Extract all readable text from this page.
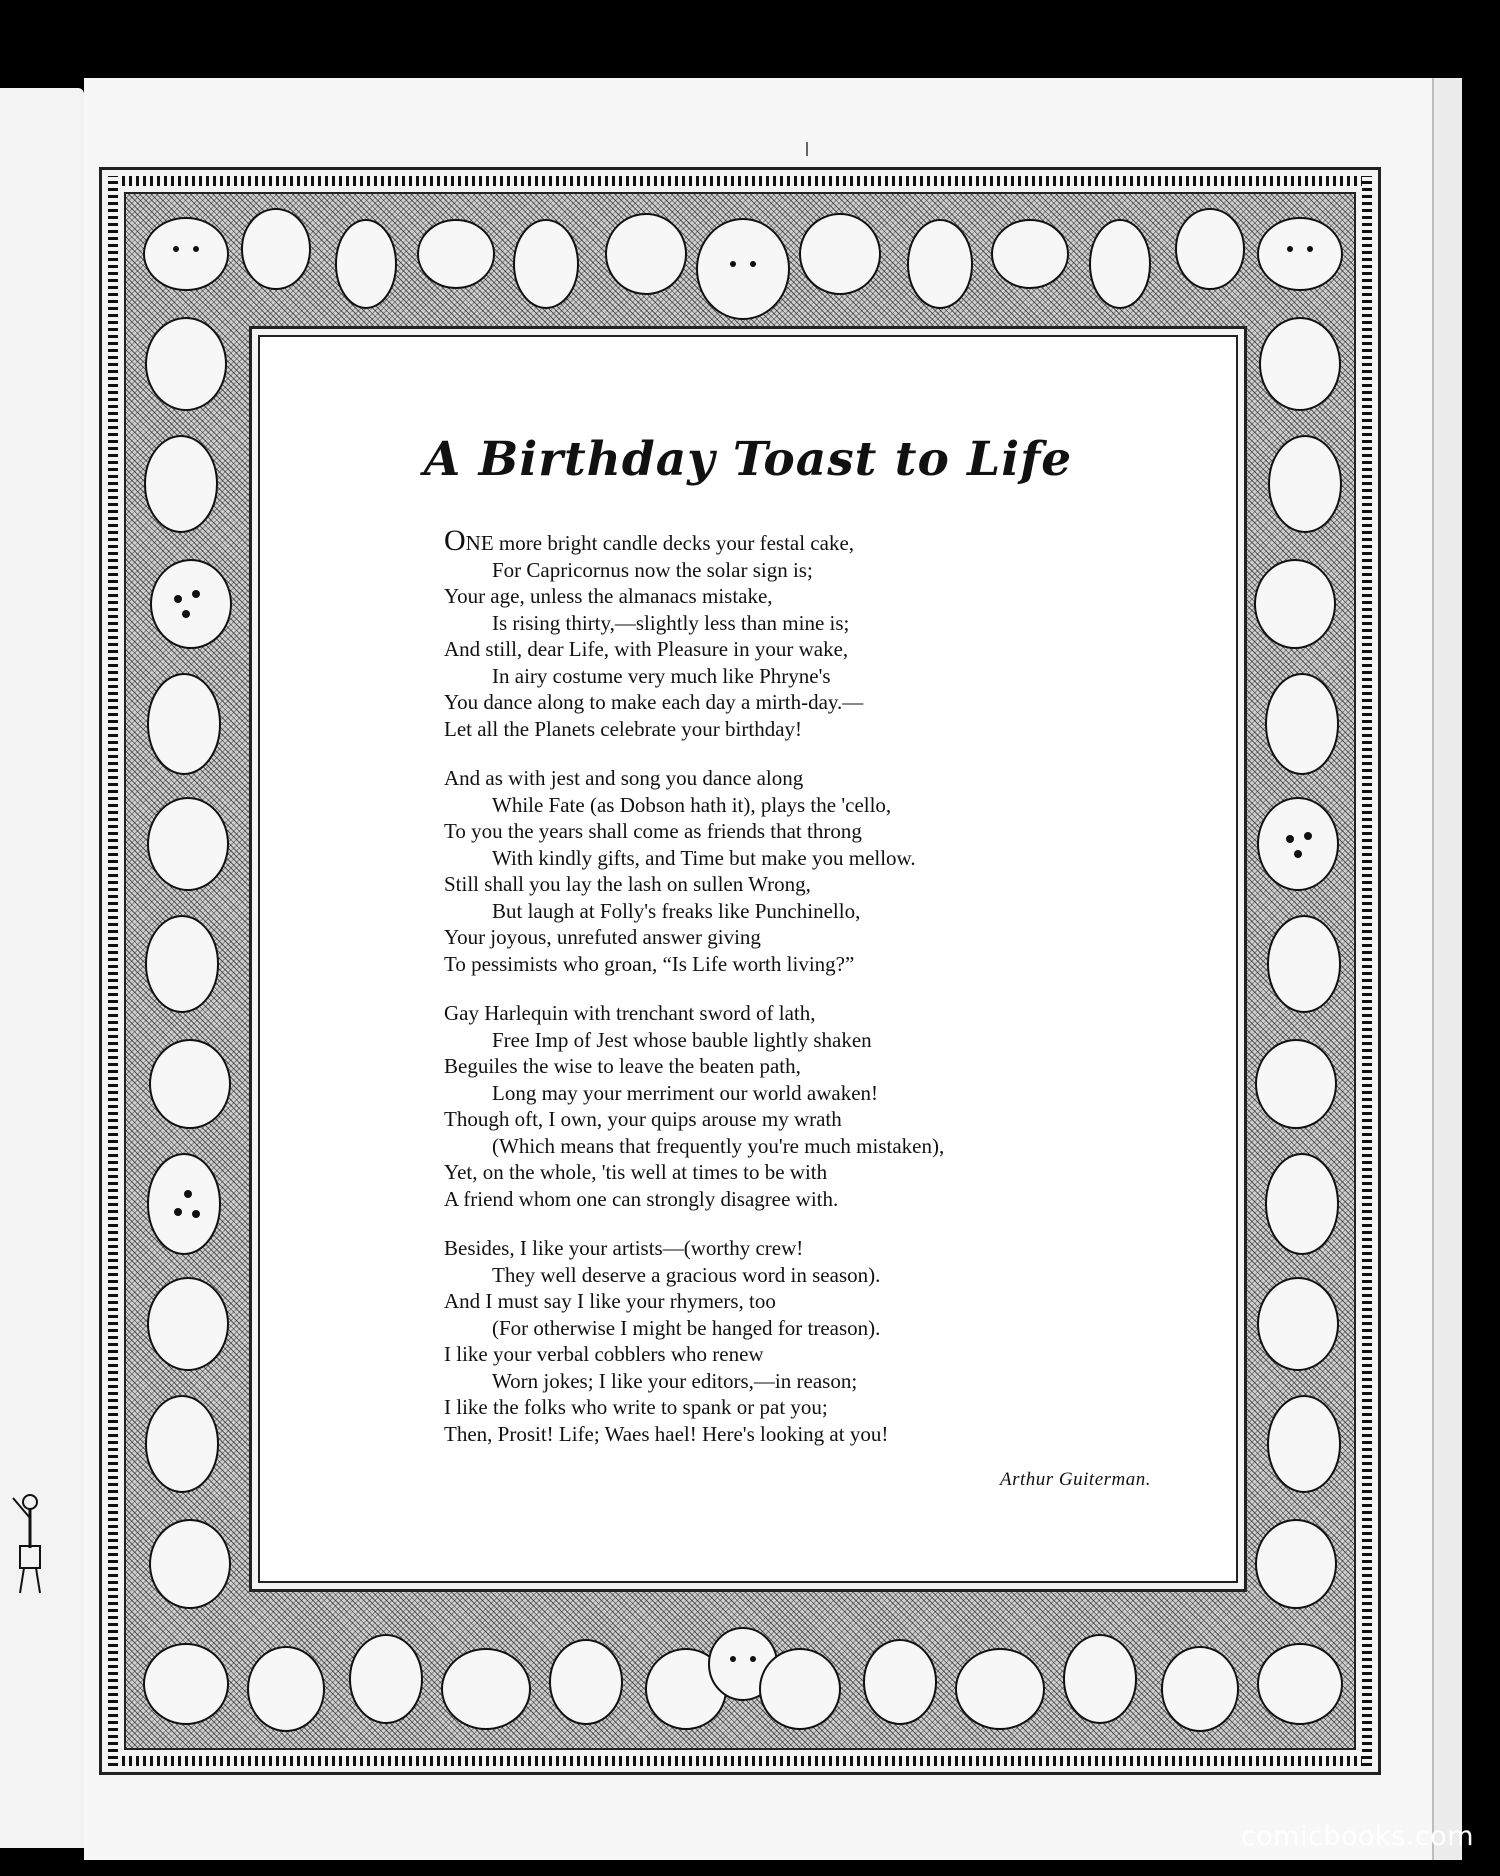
A Birthday Toast to Life
ONE more bright candle decks your festal cake,
For Capricornus now the solar sign is;
Your age, unless the almanacs mistake,
Is rising thirty,—slightly less than mine is;
And still, dear Life, with Pleasure in your wake,
In airy costume very much like Phryne's
You dance along to make each day a mirth-day.—
Let all the Planets celebrate your birthday!
And as with jest and song you dance along
While Fate (as Dobson hath it), plays the 'cello,
To you the years shall come as friends that throng
With kindly gifts, and Time but make you mellow.
Still shall you lay the lash on sullen Wrong,
But laugh at Folly's freaks like Punchinello,
Your joyous, unrefuted answer giving
To pessimists who groan, “Is Life worth living?”
Gay Harlequin with trenchant sword of lath,
Free Imp of Jest whose bauble lightly shaken
Beguiles the wise to leave the beaten path,
Long may your merriment our world awaken!
Though oft, I own, your quips arouse my wrath
(Which means that frequently you're much mistaken),
Yet, on the whole, 'tis well at times to be with
A friend whom one can strongly disagree with.
Besides, I like your artists—(worthy crew!
They well deserve a gracious word in season).
And I must say I like your rhymers, too
(For otherwise I might be hanged for treason).
I like your verbal cobblers who renew
Worn jokes; I like your editors,—in reason;
I like the folks who write to spank or pat you;
Then, Prosit! Life; Waes hael! Here's looking at you!
Arthur Guiterman.
comicbooks.com
